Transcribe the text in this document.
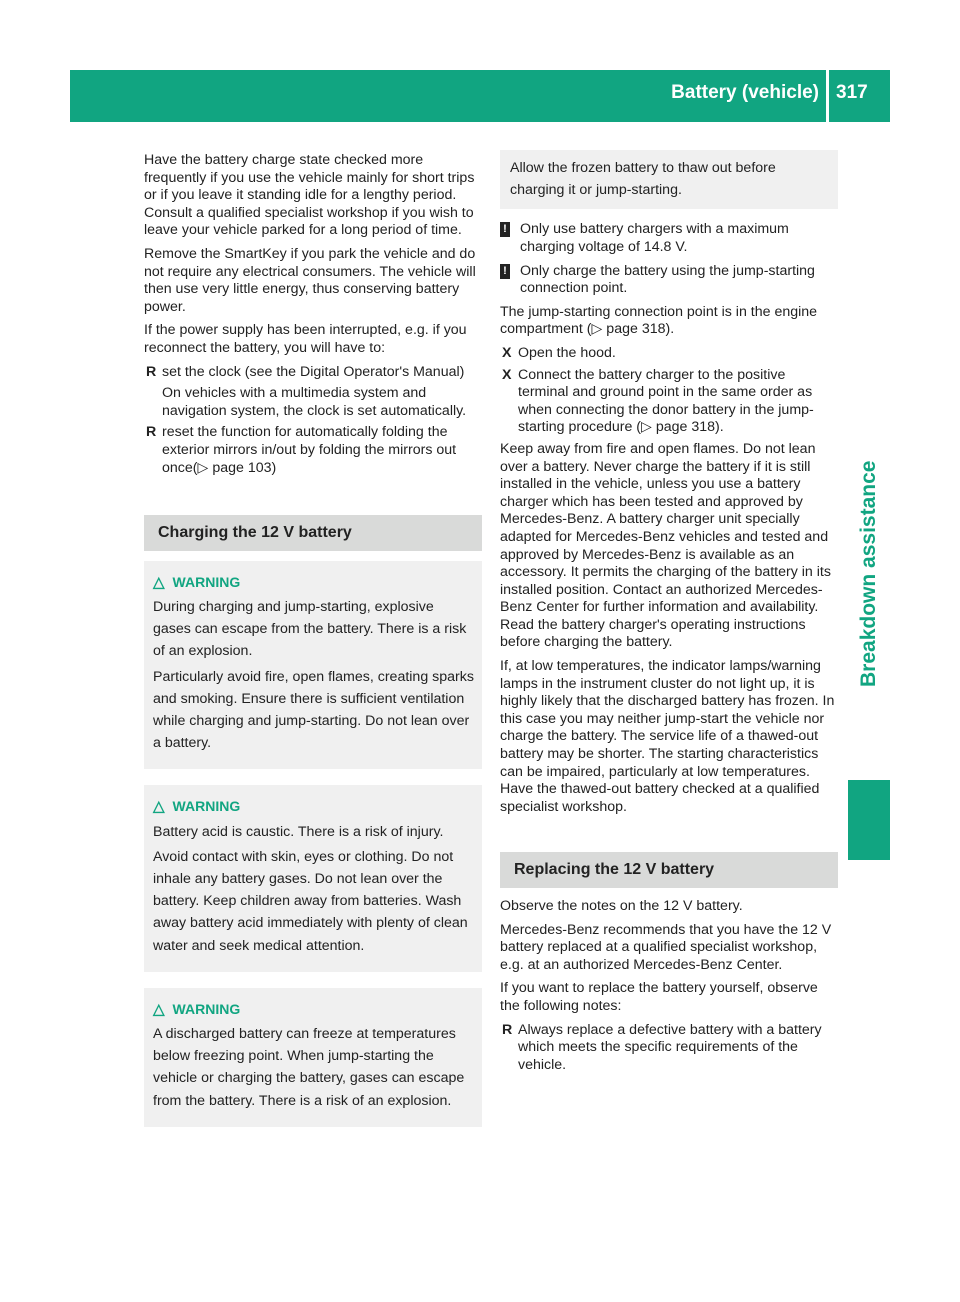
Battery (vehicle) 317
Breakdown assistance

Have the battery charge state checked more frequently if you use the vehicle mainly for short trips or if you leave it standing idle for a lengthy period. Consult a qualified specialist workshop if you wish to leave your vehicle parked for a long period of time.

Remove the SmartKey if you park the vehicle and do not require any electrical consumers. The vehicle will then use very little energy, thus conserving battery power.

If the power supply has been interrupted, e.g. if you reconnect the battery, you will have to:

R set the clock (see the Digital Operator's Manual)
On vehicles with a multimedia system and navigation system, the clock is set automatically.
R reset the function for automatically folding the exterior mirrors in/out by folding the mirrors out once(▷ page 103)
Charging the 12 V battery
△ WARNING

During charging and jump-starting, explosive gases can escape from the battery. There is a risk of an explosion.

Particularly avoid fire, open flames, creating sparks and smoking. Ensure there is sufficient ventilation while charging and jump-starting. Do not lean over a battery.

△ WARNING

Battery acid is caustic. There is a risk of injury.

Avoid contact with skin, eyes or clothing. Do not inhale any battery gases. Do not lean over the battery. Keep children away from batteries. Wash away battery acid immediately with plenty of clean water and seek medical attention.

△ WARNING

A discharged battery can freeze at temperatures below freezing point. When jump-starting the vehicle or charging the battery, gases can escape from the battery. There is a risk of an explosion.

Allow the frozen battery to thaw out before charging it or jump-starting.
! Only use battery chargers with a maximum charging voltage of 14.8 V.
! Only charge the battery using the jump-starting connection point.

The jump-starting connection point is in the engine compartment (▷ page 318).

X Open the hood.
X Connect the battery charger to the positive terminal and ground point in the same order as when connecting the donor battery in the jump-starting procedure (▷ page 318).

Keep away from fire and open flames. Do not lean over a battery. Never charge the battery if it is still installed in the vehicle, unless you use a battery charger which has been tested and approved by Mercedes-Benz. A battery charger unit specially adapted for Mercedes-Benz vehicles and tested and approved by Mercedes-Benz is available as an accessory. It permits the charging of the battery in its installed position. Contact an authorized Mercedes-Benz Center for further information and availability. Read the battery charger's operating instructions before charging the battery.

If, at low temperatures, the indicator lamps/warning lamps in the instrument cluster do not light up, it is highly likely that the discharged battery has frozen. In this case you may neither jump-start the vehicle nor charge the battery. The service life of a thawed-out battery may be shorter. The starting characteristics can be impaired, particularly at low temperatures. Have the thawed-out battery checked at a qualified specialist workshop.

Replacing the 12 V battery

Observe the notes on the 12 V battery.

Mercedes-Benz recommends that you have the 12 V battery replaced at a qualified specialist workshop, e.g. at an authorized Mercedes-Benz Center.

If you want to replace the battery yourself, observe the following notes:

R Always replace a defective battery with a battery which meets the specific requirements of the vehicle.
